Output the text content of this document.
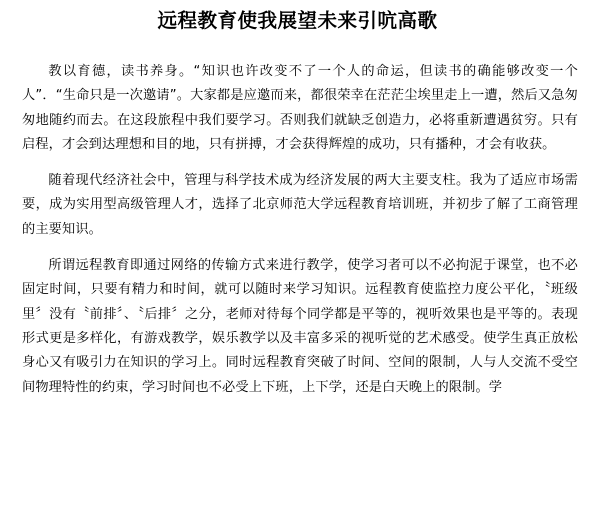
远程教育使我展望未来引吭高歌

教以育德，读书养身。“知识也许改变不了一个人的命运，但读书的确能够改变一个人”．“生命只是一次邀请”。大家都是应邀而来，都很荣幸在茫茫尘埃里走上一遭，然后又急匆匆地随约而去。在这段旅程中我们要学习。否则我们就缺乏创造力，必将重新遭遇贫穷。只有启程，才会到达理想和目的地，只有拼搏，才会获得辉煌的成功，只有播种，才会有收获。

随着现代经济社会中，管理与科学技术成为经济发展的两大主要支柱。我为了适应市场需要，成为实用型高级管理人才，选择了北京师范大学远程教育培训班，并初步了解了工商管理的主要知识。

所谓远程教育即通过网络的传输方式来进行教学，使学习者可以不必拘泥于课堂，也不必固定时间，只要有精力和时间，就可以随时来学习知识。远程教育使监控力度公平化，〝班级里〞没有〝前排〞、〝后排〞之分，老师对待每个同学都是平等的，视听效果也是平等的。表现形式更是多样化，有游戏教学，娱乐教学以及丰富多采的视听觉的艺术感受。使学生真正放松身心又有吸引力在知识的学习上。同时远程教育突破了时间、空间的限制，人与人交流不受空间物理特性的约束，学习时间也不必受上下班，上下学，还是白天晚上的限制。学
